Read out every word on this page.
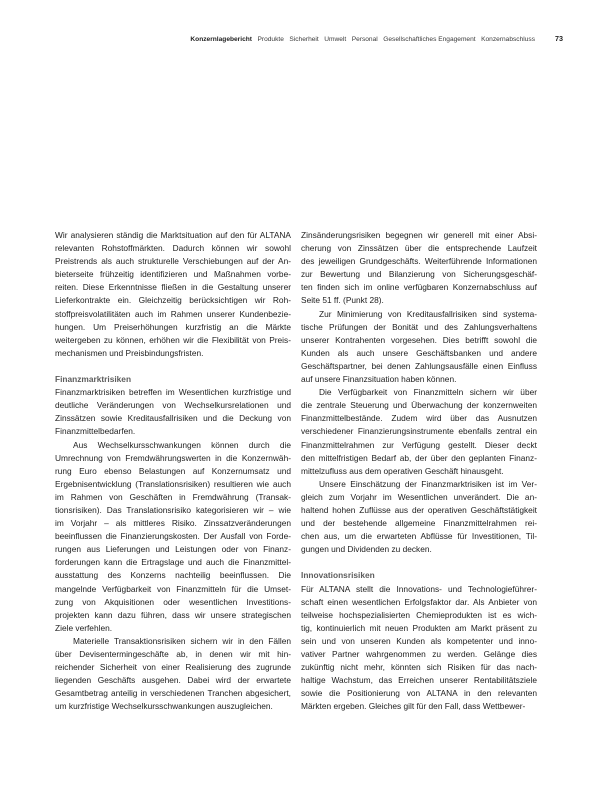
Konzernlagebericht Produkte Sicherheit Umwelt Personal Gesellschaftliches Engagement Konzernabschluss	73
Wir analysieren ständig die Marktsituation auf den für ALTANA
relevanten Rohstoffmärkten. Dadurch können wir sowohl
Preistrends als auch strukturelle Verschiebungen auf der An-
bieterseite frühzeitig identifizieren und Maßnahmen vorbe-
reiten. Diese Erkenntnisse fließen in die Gestaltung unserer
Lieferkontrakte ein. Gleichzeitig berücksichtigen wir Roh-
stoffpreisvolatilitäten auch im Rahmen unserer Kundenbezie-
hungen. Um Preiserhöhungen kurzfristig an die Märkte
weitergeben zu können, erhöhen wir die Flexibilität von Preis-
mechanismen und Preisbindungsfristen.
Finanzmarktrisiken
Finanzmarktrisiken betreffen im Wesentlichen kurzfristige und
deutliche Veränderungen von Wechselkursrelationen und
Zinssätzen sowie Kreditausfallrisiken und die Deckung von
Finanzmittelbedarfen.
Aus Wechselkursschwankungen können durch die
Umrechnung von Fremdwährungswerten in die Konzernwäh-
rung Euro ebenso Belastungen auf Konzernumsatz und
Ergebnisentwicklung (Translationsrisiken) resultieren wie auch
im Rahmen von Geschäften in Fremdwährung (Transak-
tionsrisiken). Das Translationsrisiko kategorisieren wir – wie
im Vorjahr – als mittleres Risiko. Zinssatzveränderungen
beeinflussen die Finanzierungskosten. Der Ausfall von Forde-
rungen aus Lieferungen und Leistungen oder von Finanz-
forderungen kann die Ertragslage und auch die Finanzmittel-
ausstattung des Konzerns nachteilig beeinflussen. Die
mangelnde Verfügbarkeit von Finanzmitteln für die Umset-
zung von Akquisitionen oder wesentlichen Investitions-
projekten kann dazu führen, dass wir unsere strategischen
Ziele verfehlen.
Materielle Transaktionsrisiken sichern wir in den Fällen
über Devisentermingeschäfte ab, in denen wir mit hin-
reichender Sicherheit von einer Realisierung des zugrunde
liegenden Geschäfts ausgehen. Dabei wird der erwartete
Gesamtbetrag anteilig in verschiedenen Tranchen abgesichert,
um kurzfristige Wechselkursschwankungen auszugleichen.
Zinsänderungsrisiken begegnen wir generell mit einer Absi-
cherung von Zinssätzen über die entsprechende Laufzeit
des jeweiligen Grundgeschäfts. Weiterführende Informationen
zur Bewertung und Bilanzierung von Sicherungsgeschäf-
ten finden sich im online verfügbaren Konzernabschluss auf
Seite 51 ff. (Punkt 28).
Zur Minimierung von Kreditausfallrisiken sind systema-
tische Prüfungen der Bonität und des Zahlungsverhaltens
unserer Kontrahenten vorgesehen. Dies betrifft sowohl die
Kunden als auch unsere Geschäftsbanken und andere
Geschäftspartner, bei denen Zahlungsausfälle einen Einfluss
auf unsere Finanzsituation haben können.
Die Verfügbarkeit von Finanzmitteln sichern wir über
die zentrale Steuerung und Überwachung der konzernweiten
Finanzmittelbestände. Zudem wird über das Ausnutzen
verschiedener Finanzierungsinstrumente ebenfalls zentral ein
Finanzmittelrahmen zur Verfügung gestellt. Dieser deckt
den mittelfristigen Bedarf ab, der über den geplanten Finanz-
mittelzufluss aus dem operativen Geschäft hinausgeht.
Unsere Einschätzung der Finanzmarktrisiken ist im Ver-
gleich zum Vorjahr im Wesentlichen unverändert. Die an-
haltend hohen Zuflüsse aus der operativen Geschäftstätigkeit
und der bestehende allgemeine Finanzmittelrahmen rei-
chen aus, um die erwarteten Abflüsse für Investitionen, Til-
gungen und Dividenden zu decken.
Innovationsrisiken
Für ALTANA stellt die Innovations- und Technologieführer-
schaft einen wesentlichen Erfolgsfaktor dar. Als Anbieter von
teilweise hochspezialisierten Chemieprodukten ist es wich-
tig, kontinuierlich mit neuen Produkten am Markt präsent zu
sein und von unseren Kunden als kompetenter und inno-
vativer Partner wahrgenommen zu werden. Gelänge dies
zukünftig nicht mehr, könnten sich Risiken für das nach-
haltige Wachstum, das Erreichen unserer Rentabilitätsziele
sowie die Positionierung von ALTANA in den relevanten
Märkten ergeben. Gleiches gilt für den Fall, dass Wettbewer-
